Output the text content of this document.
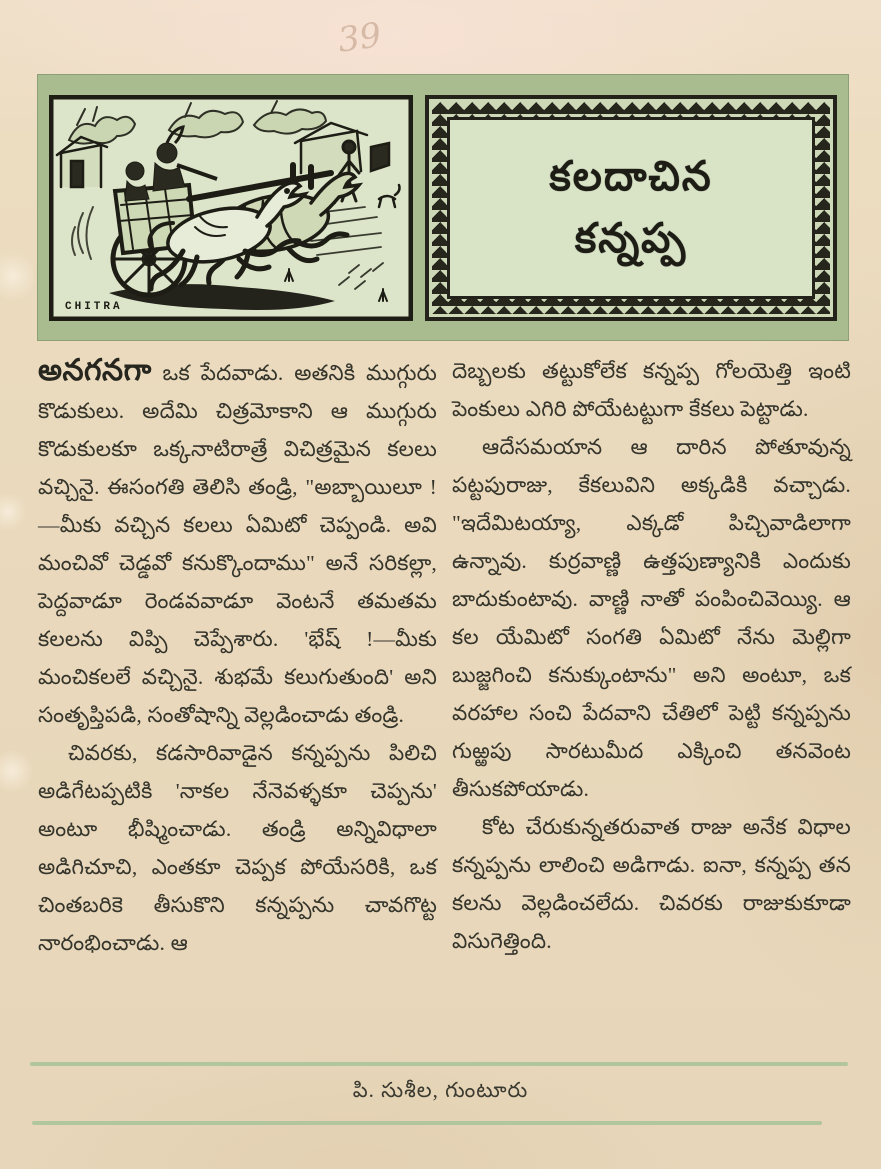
39
CHITRA
కలదాచిన
కన్నప్ప

అనగనగా ఒక పేదవాడు. అతనికి ముగ్గురు కొడుకులు. అదేమి చిత్రమోకాని ఆ ముగ్గురు కొడుకులకూ ఒక్కనాటిరాత్రే విచిత్రమైన కలలు వచ్చినై. ఈసంగతి తెలిసి తండ్రి, "అబ్బాయిలూ !—మీకు వచ్చిన కలలు ఏమిటో చెప్పండి. అవి మంచివో చెడ్డవో కనుక్కొందాము" అనే సరికల్లా, పెద్దవాడూ రెండవవాడూ వెంటనే తమతమ కలలను విప్పి చెప్పేశారు. 'భేష్ !—మీకు మంచికలలే వచ్చినై. శుభమే కలుగుతుంది' అని సంతృప్తిపడి, సంతోషాన్ని వెల్లడించాడు తండ్రి.

చివరకు, కడసారివాడైన కన్నప్పను పిలిచి అడిగేటప్పటికి 'నాకల నేనెవళ్ళకూ చెప్పను' అంటూ భీష్మించాడు. తండ్రి అన్నివిధాలా అడిగిచూచి, ఎంతకూ చెప్పక పోయేసరికి, ఒక చింతబరికె తీసుకొని కన్నప్పను చావగొట్ట నారంభించాడు. ఆ

దెబ్బలకు తట్టుకోలేక కన్నప్ప గోలయెత్తి ఇంటి పెంకులు ఎగిరి పోయేటట్టుగా కేకలు పెట్టాడు.

ఆదేసమయాన ఆ దారిన పోతూవున్న పట్టపురాజు, కేకలువిని అక్కడికి వచ్చాడు. "ఇదేమిటయ్యా, ఎక్కడో పిచ్చివాడిలాగా ఉన్నావు. కుర్రవాణ్ణి ఉత్తపుణ్యానికి ఎందుకు బాదుకుంటావు. వాణ్ణి నాతో పంపించివెయ్యి. ఆ కల యేమిటో సంగతి ఏమిటో నేను మెల్లిగా బుజ్జగించి కనుక్కుంటాను" అని అంటూ, ఒక వరహాల సంచి పేదవాని చేతిలో పెట్టి కన్నప్పను గుఱ్ఱపు సారటుమీద ఎక్కించి తనవెంట తీసుకపోయాడు.

కోట చేరుకున్నతరువాత రాజు అనేక విధాల కన్నప్పను లాలించి అడిగాడు. ఐనా, కన్నప్ప తన కలను వెల్లడించలేదు. చివరకు రాజుకుకూడా విసుగెత్తింది.

పి. సుశీల, గుంటూరు
